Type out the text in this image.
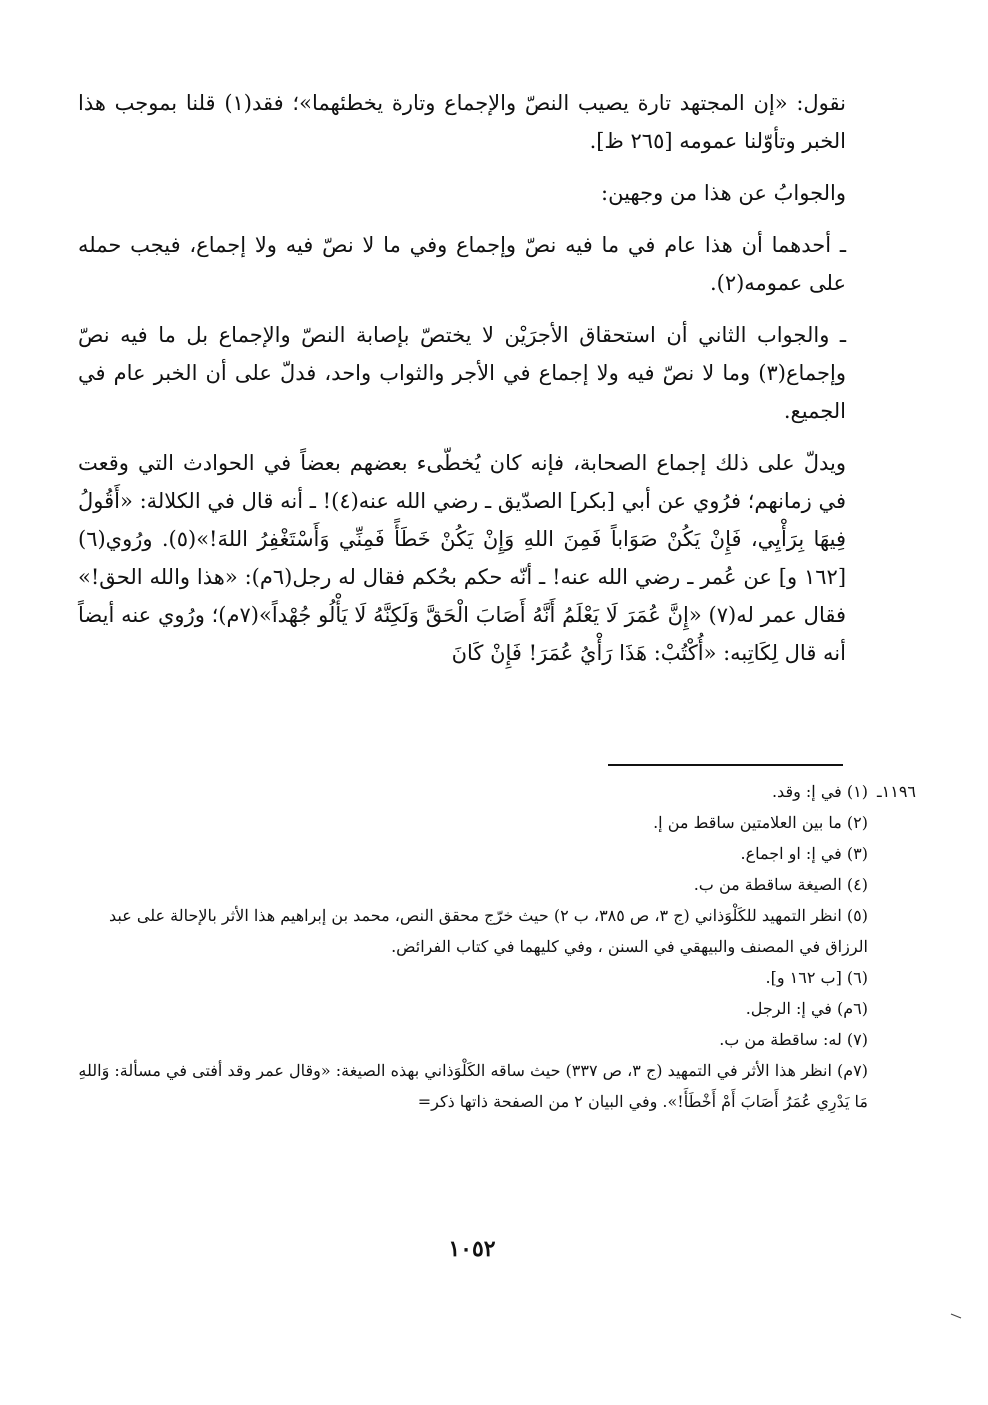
نقول: «إن المجتهد تارة يصيب النصّ والإجماع وتارة يخطئهما»؛ فقد(١) قلنا بموجب هذا الخبر وتأوّلنا عمومه [٢٦٥ ظ].

والجوابُ عن هذا من وجهين:

ـ أحدهما أن هذا عام في ما فيه نصّ وإجماع وفي ما لا نصّ فيه ولا إجماع، فيجب حمله على عمومه(٢).

ـ والجواب الثاني أن استحقاق الأجرَيْن لا يختصّ بإصابة النصّ والإجماع بل ما فيه نصّ وإجماع(٣) وما لا نصّ فيه ولا إجماع في الأجر والثواب واحد، فدلّ على أن الخبر عام في الجميع.

ويدلّ على ذلك إجماع الصحابة، فإنه كان يُخطّىء بعضهم بعضاً في الحوادث التي وقعت في زمانهم؛ فرُوي عن أبي [بكر] الصدّيق ـ رضي الله عنه(٤)! ـ أنه قال في الكلالة: «أَقُولُ فِيهَا بِرَأْيِي، فَإِنْ يَكُنْ صَوَاباً فَمِنَ اللهِ وَإِنْ يَكُنْ خَطَأً فَمِنِّي وَأَسْتَغْفِرُ اللهَ!»(٥). ورُوي(٦) [١٦٢ و] عن عُمر ـ رضي الله عنه! ـ أنّه حكم بحُكم فقال له رجل(٦م): «هذا والله الحق!» فقال عمر له(٧) «إِنَّ عُمَرَ لَا يَعْلَمُ أَنَّهُ أَصَابَ الْحَقَّ وَلَكِنَّهُ لَا يَأْلُو جُهْداً»(٧م)؛ ورُوي عنه أيضاً أنه قال لِكَاتِبه: «أُكْتُبْ: هَذَا رَأْيُ عُمَرَ! فَإِنْ كَانَ

١١٩٦ـ
(١) في إ: وقد.

(٢) ما بين العلامتين ساقط من إ.

(٣) في إ: او اجماع.

(٤) الصيغة ساقطة من ب.

(٥) انظر التمهيد للكَلْوَذاني (ج ٣، ص ٣٨٥، ب ٢) حيث خرّج محقق النص، محمد بن إبراهيم هذا الأثر بالإحالة على عبد الرزاق في المصنف والبيهقي في السنن ، وفي كليهما في كتاب الفرائض.

(٦) [ب ١٦٢ و].

(٦م) في إ: الرجل.

(٧) له: ساقطة من ب.

(٧م) انظر هذا الأثر في التمهيد (ج ٣، ص ٣٣٧) حيث ساقه الكَلْوَذاني بهذه الصيغة: «وقال عمر وقد أفتى في مسألة: وَاللهِ مَا يَدْرِي عُمَرُ أَصَابَ أَمْ أَخْطَأَ!». وفي البيان ٢ من الصفحة ذاتها ذكر=

١٠٥٢
